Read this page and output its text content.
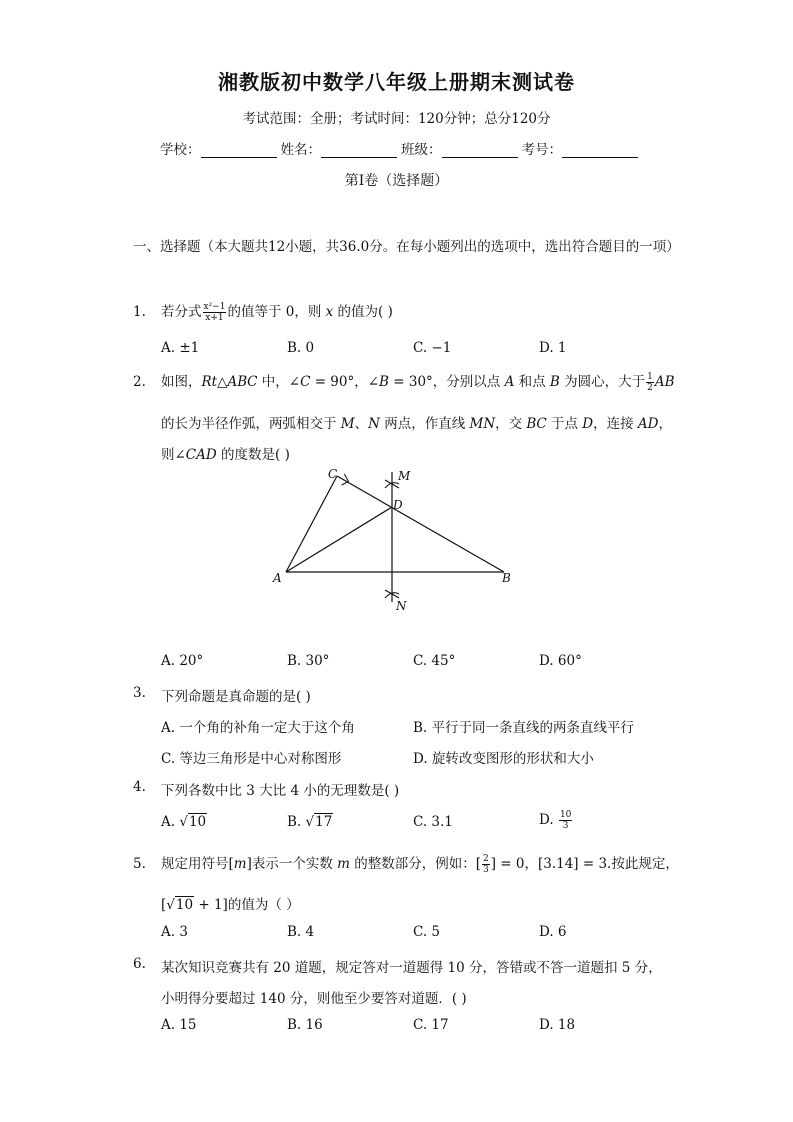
湘教版初中数学八年级上册期末测试卷
考试范围：全册；考试时间：120分钟；总分120分
学校：	姓名：	班级：	考号：
第I卷（选择题）
一、选择题（本大题共12小题，共36.0分。在每小题列出的选项中，选出符合题目的一项）
1. 若分式 $\frac{\text{x²−1}}{x+1}$ 的值等于 0，则 𝑥 的值为( )
A. ±1	B. 0	C. −1	D. 1
2. 如图，𝑅𝑡△𝐴𝐵𝐶 中，∠𝐶 = 90°，∠𝐵 = 30°，分别以点 𝐴 和点 𝐵 为圆心，大于 $\frac{1}{2}$ 𝐴𝐵
的长为半径作弧，两弧相交于 𝑀、𝑁 两点，作直线 𝑀𝑁，交 𝐵𝐶 于点 𝐷，连接 𝐴𝐷，
则∠𝐶𝐴𝐷 的度数是( )
C	M
D
A	B
N
A. 20°	B. 30°	C. 45°	D. 60°
3. 下列命题是真命题的是( )
A. 一个角的补角一定大于这个角	B. 平行于同一条直线的两条直线平行
C. 等边三角形是中心对称图形	D. 旋转改变图形的形状和大小
4. 下列各数中比 3 大比 4 小的无理数是( )
A. √10	B. √17	C. 3.1	D. $\frac{10}{3}$
5. 规定用符号[𝑚]表示一个实数 𝑚 的整数部分，例如：[ $\frac{2}{3}$ ] = 0，[3.14] = 3.按此规定，
[√10 + 1]的值为（ ）
A. 3	B. 4	C. 5	D. 6
6. 某次知识竞赛共有 20 道题，规定答对一道题得 10 分，答错或不答一道题扣 5 分，
小明得分要超过 140 分，则他至少要答对道题．( )
A. 15	B. 16	C. 17	D. 18
